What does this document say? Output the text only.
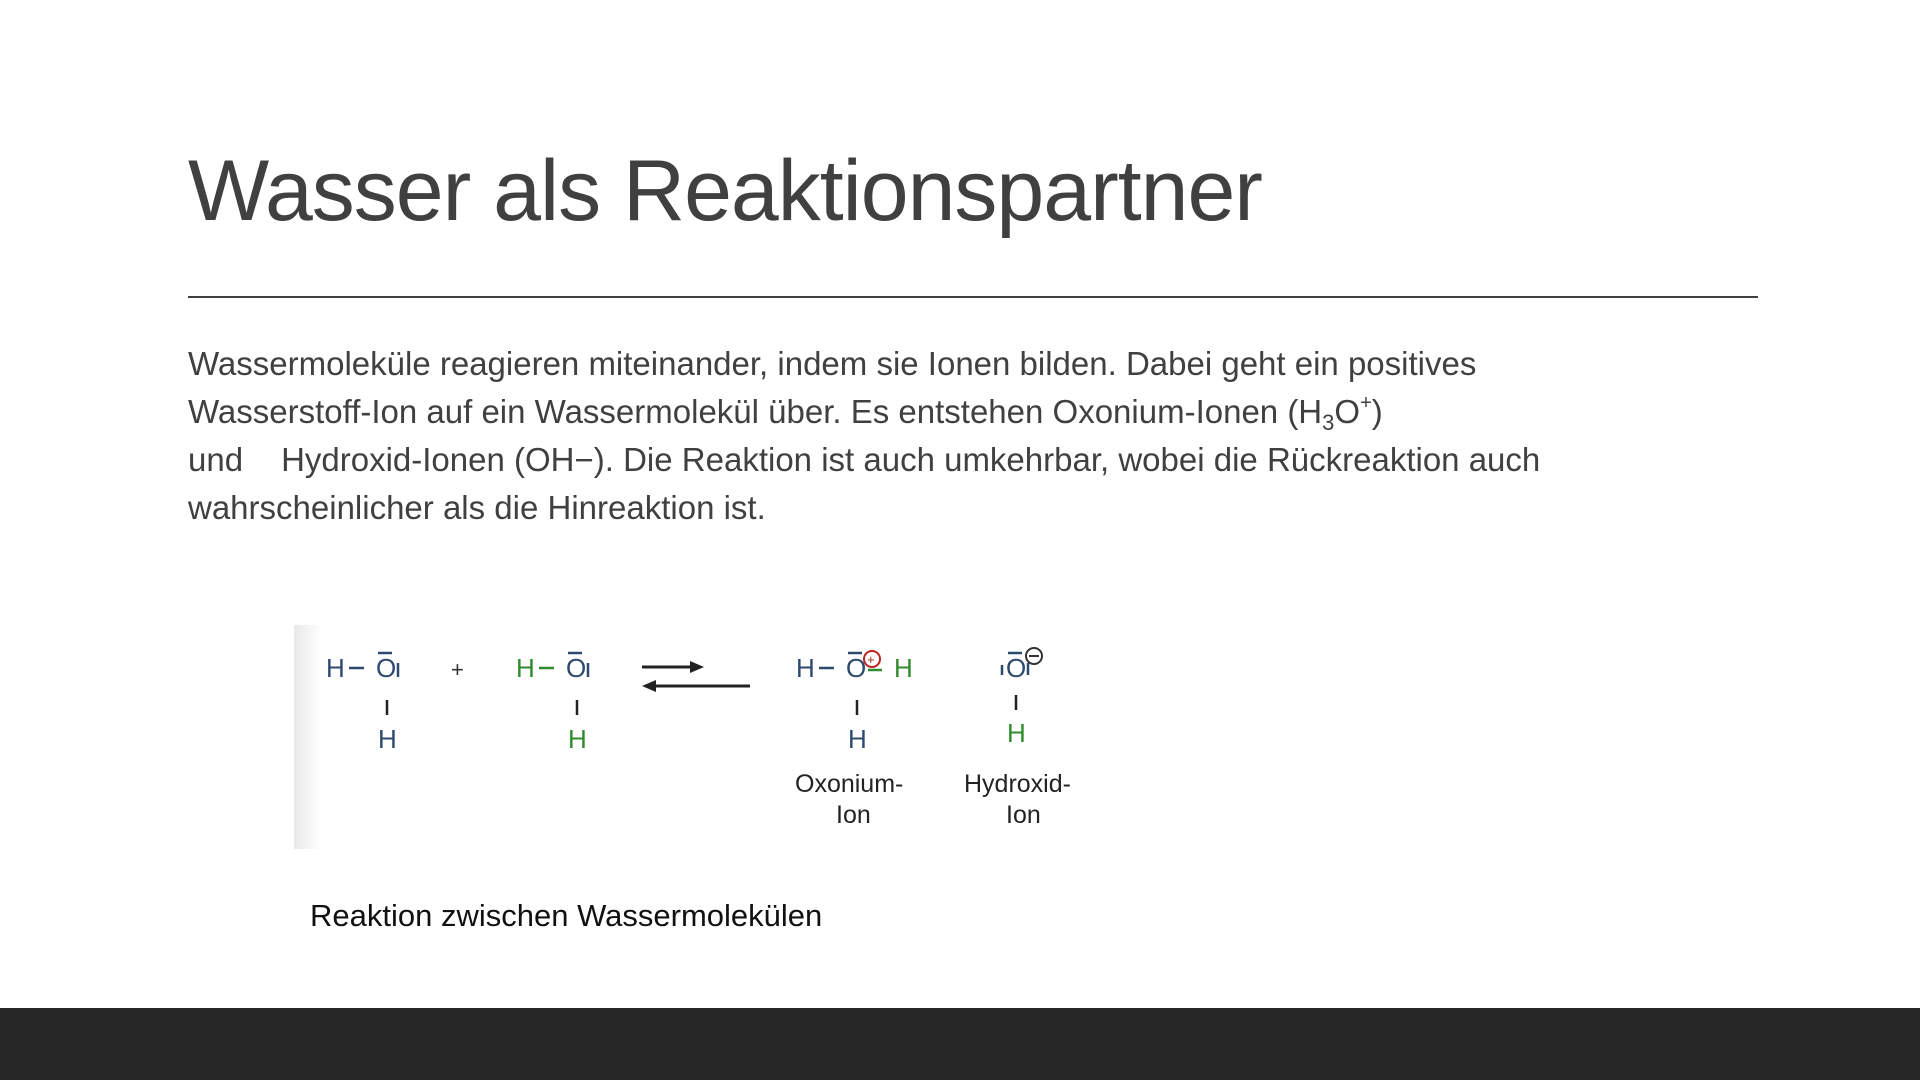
Wasser als Reaktionspartner
Wassermoleküle reagieren miteinander, indem sie Ionen bilden. Dabei geht ein positives
Wasserstoff-Ion auf ein Wassermolekül über. Es entstehen Oxonium-Ionen $(H_3O^+)$
und Hydroxid-Ionen (OH−). Die Reaktion ist auch umkehrbar, wobei die Rückreaktion auch
wahrscheinlicher als die Hinreaktion ist.
H O
H
+ H O
H
H O + H
H
Oxonium-
Ion
O
H
Hydroxid-
Ion
Reaktion zwischen Wassermolekülen
